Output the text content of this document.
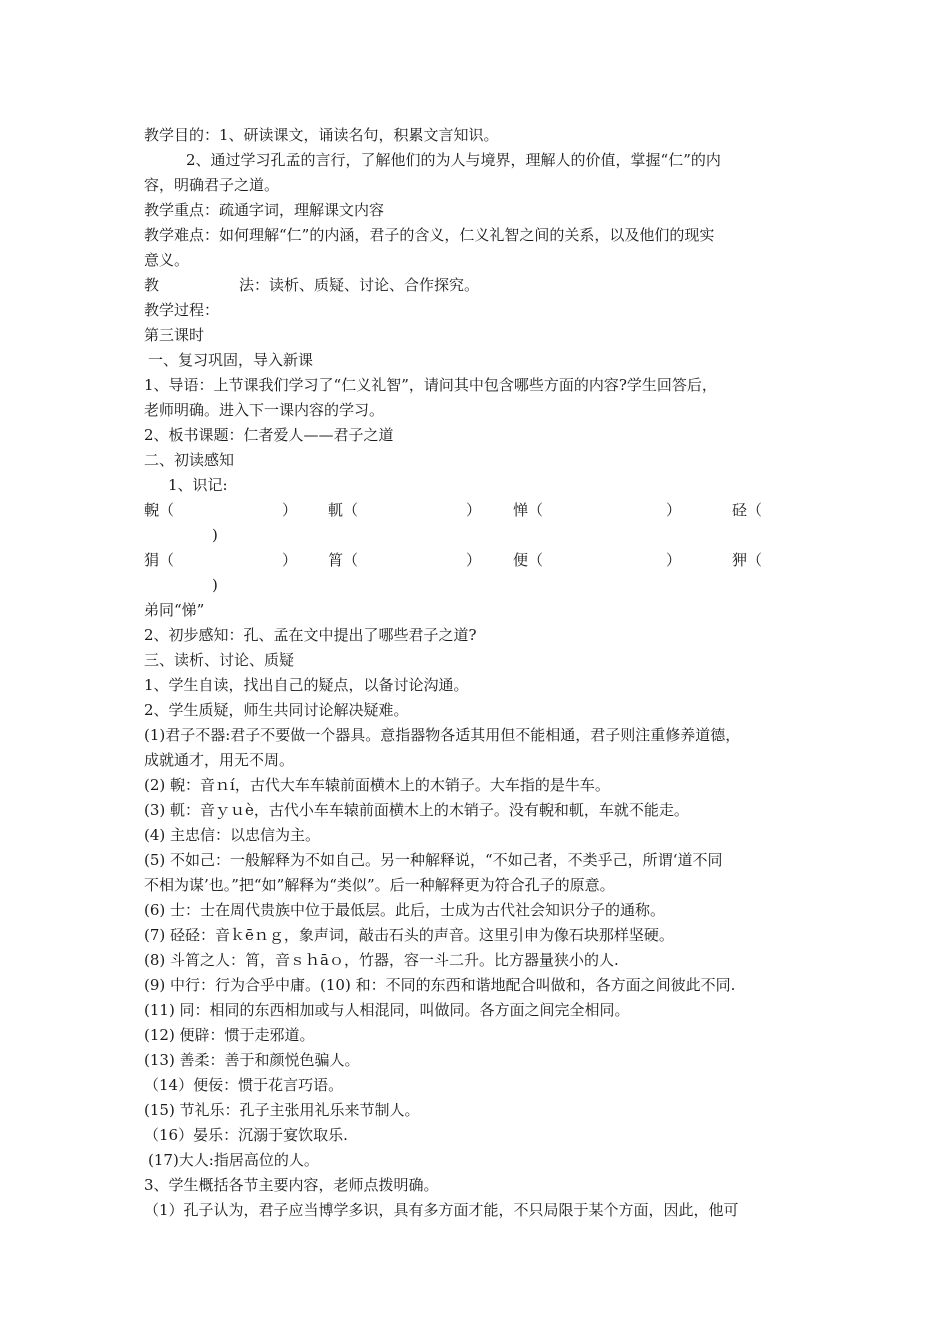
教学目的：1、研读课文，诵读名句，积累文言知识。
2、通过学习孔孟的言行，了解他们的为人与境界，理解人的价值，掌握“仁”的内
容，明确君子之道。
教学重点：疏通字词，理解课文内容
教学难点：如何理解“仁”的内涵，君子的含义，仁义礼智之间的关系，以及他们的现实
意义。
教	法：读析、质疑、讨论、合作探究。
教学过程：
第三课时
一、复习巩固，导入新课
1、导语：上节课我们学习了“仁义礼智”，请问其中包含哪些方面的内容?学生回答后，
老师明确。进入下一课内容的学习。
2、板书课题：仁者爱人——君子之道
二、初读感知
1、识记:
輗（	） 軏（	） 惮（	）	硁（
)
狷（	） 筲（	） 便（	）	狎（
)
弟同“悌”
2、初步感知：孔、孟在文中提出了哪些君子之道?
三、读析、讨论、质疑
1、学生自读，找出自己的疑点，以备讨论沟通。
2、学生质疑，师生共同讨论解决疑难。
(1)君子不器:君子不要做一个器具。意指器物各适其用但不能相通，君子则注重修养道德，
成就通才，用无不周。
(2) 輗：音ｎí，古代大车车辕前面横木上的木销子。大车指的是牛车。
(3) 軏：音ｙｕè，古代小车车辕前面横木上的木销子。没有輗和軏，车就不能走。
(4) 主忠信：以忠信为主。
(5) 不如己：一般解释为不如自己。另一种解释说，“不如己者，不类乎己，所谓‘道不同
不相为谋’也。”把“如”解释为“类似”。后一种解释更为符合孔子的原意。
(6) 士：士在周代贵族中位于最低层。此后，士成为古代社会知识分子的通称。
(7) 硁硁：音ｋēｎｇ，象声词，敲击石头的声音。这里引申为像石块那样坚硬。
(8) 斗筲之人：筲，音ｓｈāｏ，竹器，容一斗二升。比方器量狭小的人.
(9) 中行：行为合乎中庸。(10) 和：不同的东西和谐地配合叫做和，各方面之间彼此不同.
(11) 同：相同的东西相加或与人相混同，叫做同。各方面之间完全相同。
(12) 便辟：惯于走邪道。
(13) 善柔：善于和颜悦色骗人。
（14）便佞：惯于花言巧语。
(15) 节礼乐：孔子主张用礼乐来节制人。
（16）晏乐：沉溺于宴饮取乐.
(17)大人:指居高位的人。
3、学生概括各节主要内容，老师点拨明确。
（1）孔子认为，君子应当博学多识，具有多方面才能，不只局限于某个方面，因此，他可
